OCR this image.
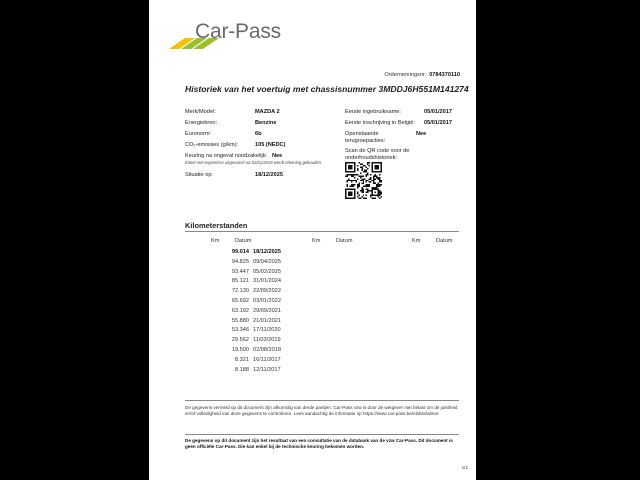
Car-Pass
Ordernemingsnr.: 0784370110
Historiek van het voertuig met chassisnummer 3MDDJ6H551M141274
Merk/Model:	MAZDA 2
Energiebron:	Benzine
Euronorm:	6b
CO₂-emissies (g/km):	105 (NEDC)
Keuring na ongeval noodzakelijk: Nee
Enkel met expertises uitgevoerd na 01/01/2019 wordt rekening gehouden.
Situatie op:	18/12/2025
Eerste ingebruikname:	05/01/2017
Eerste inschrijving in België: 05/01/2017
Openstaande	Nee
terugroepacties:
Scan de QR code voor de
onderhoudshistoriek:
Kilometerstanden
Km	Datum	Km	Datum	Km	Datum
99.014 18/12/2025
94.825 09/04/2025
93.447 05/02/2025
85.121 31/01/2024
72.130 22/09/2022
65.692 03/01/2022
63.192 29/09/2021
55.880 21/01/2021
53.346 17/11/2020
29.562 11/03/2019
19.500 02/08/2018
8.321 16/11/2017
8.188 12/11/2017
De gegevens vermeld op dit document zijn afkomstig van derde partijen. Car-Pass vzw is door de wetgever niet belast om de juistheid en/of volledigheid van deze gegevens te controleren. Lees aandachtig de informatie op https://www.car-pass.be/nl/disclaimer
De gegevens op dit document zijn het resultaat van een consultatie van de databank van de vzw Car-Pass. Dit document is geen officiële Car-Pass. Die kan enkel bij de technische keuring bekomen worden.
1/1
